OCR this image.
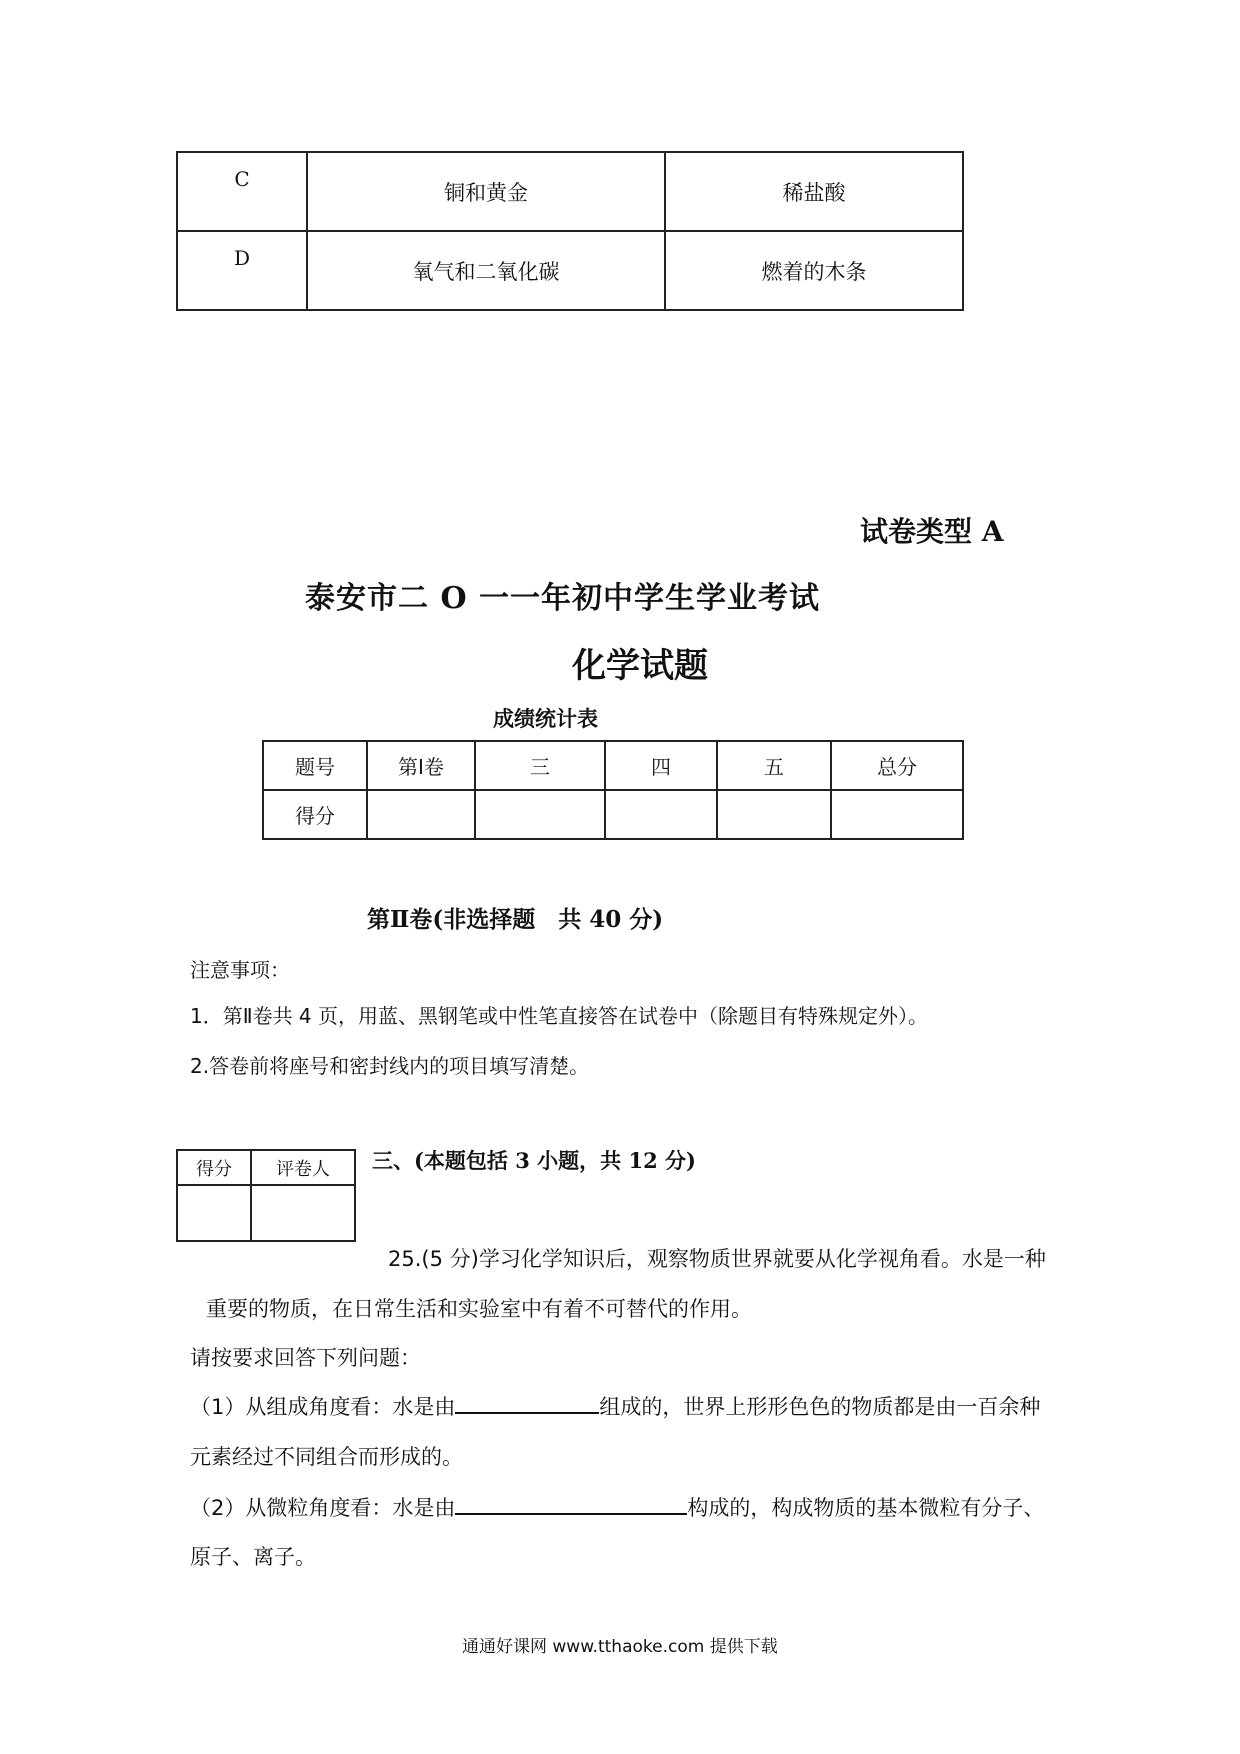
C	铜和黄金	稀盐酸
D	氧气和二氧化碳	燃着的木条
试卷类型 A
泰安市二 O 一一年初中学生学业考试
化学试题
成绩统计表
题号	第Ⅰ卷	三	四	五	总分
得分					
第Ⅱ卷(非选择题　共 40 分)
注意事项：
1．第Ⅱ卷共 4 页，用蓝、黑钢笔或中性笔直接答在试卷中（除题目有特殊规定外）。
2.答卷前将座号和密封线内的项目填写清楚。
得分	评卷人
	三、(本题包括 3 小题，共 12 分)
25.(5 分)学习化学知识后，观察物质世界就要从化学视角看。水是一种
重要的物质，在日常生活和实验室中有着不可替代的作用。
请按要求回答下列问题：
（1）从组成角度看：水是由	组成的，世界上形形色色的物质都是由一百余种
元素经过不同组合而形成的。
（2）从微粒角度看：水是由	构成的，构成物质的基本微粒有分子、
原子、离子。
通通好课网 www.tthaoke.com 提供下载
